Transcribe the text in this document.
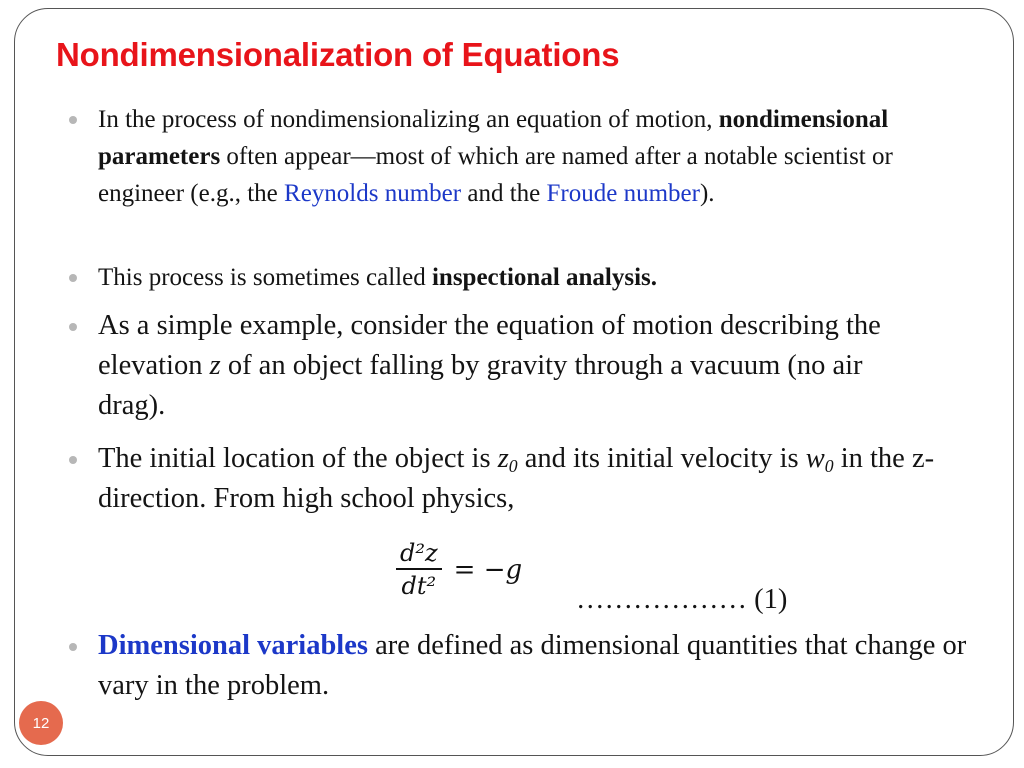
Nondimensionalization of Equations

In the process of nondimensionalizing an equation of motion, nondimensional parameters often appear—most of which are named after a notable scientist or engineer (e.g., the Reynolds number and the Froude number).

This process is sometimes called inspectional analysis.

As a simple example, consider the equation of motion describing the elevation z of an object falling by gravity through a vacuum (no air drag).

The initial location of the object is $z_0$ and its initial velocity is $w_0$ in the z-direction. From high school physics,

$\frac{\text{d²z}}{\text{dt²}} = -g$
……………… (1)

Dimensional variables are defined as dimensional quantities that change or vary in the problem.

12
